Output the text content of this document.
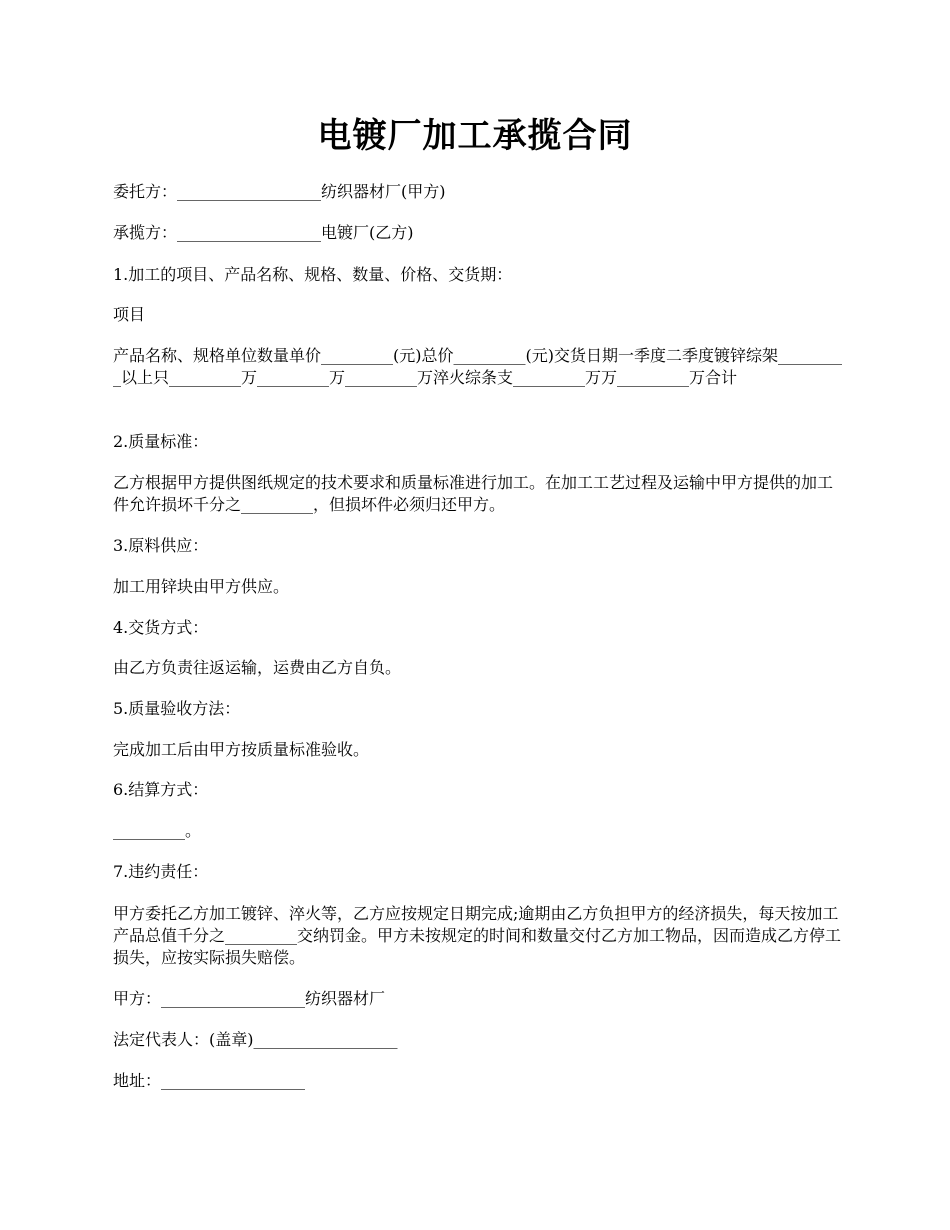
电镀厂加工承揽合同
委托方：__________________纺织器材厂(甲方)
承揽方：__________________电镀厂(乙方)
1.加工的项目、产品名称、规格、数量、价格、交货期：
项目
产品名称、规格单位数量单价_________(元)总价_________(元)交货日期一季度二季度镀锌综架_________以上只_________万_________万_________万淬火综条支_________万万_________万合计
2.质量标准：
乙方根据甲方提供图纸规定的技术要求和质量标准进行加工。在加工工艺过程及运输中甲方提供的加工件允许损坏千分之_________，但损坏件必须归还甲方。
3.原料供应：
加工用锌块由甲方供应。
4.交货方式：
由乙方负责往返运输，运费由乙方自负。
5.质量验收方法：
完成加工后由甲方按质量标准验收。
6.结算方式：
_________。
7.违约责任：
甲方委托乙方加工镀锌、淬火等，乙方应按规定日期完成;逾期由乙方负担甲方的经济损失，每天按加工产品总值千分之_________交纳罚金。甲方未按规定的时间和数量交付乙方加工物品，因而造成乙方停工损失，应按实际损失赔偿。
甲方：__________________纺织器材厂
法定代表人：(盖章)__________________
地址：__________________
